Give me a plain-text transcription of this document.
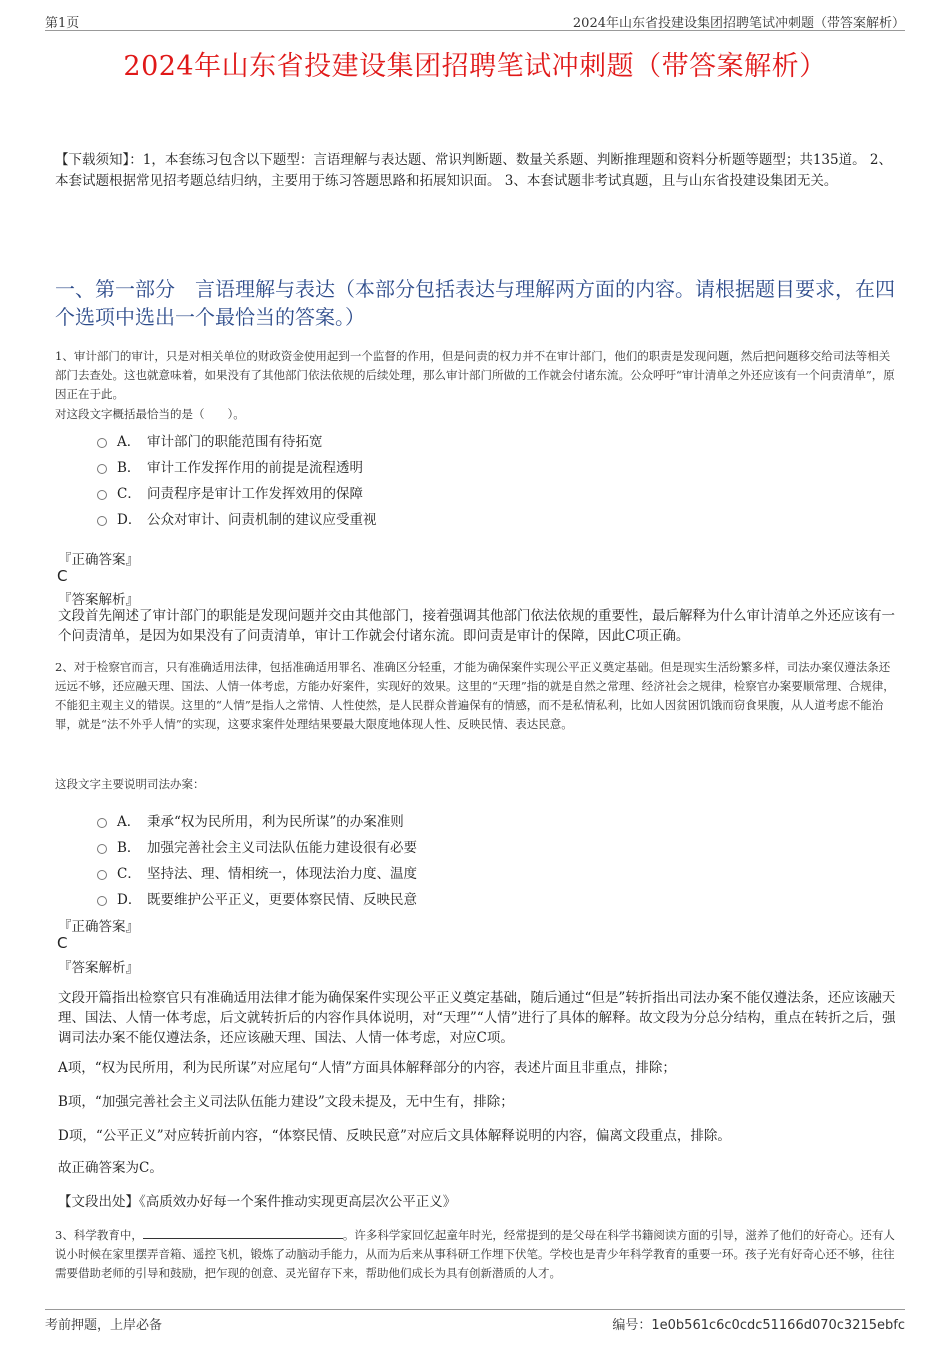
第1页	2024年山东省投建设集团招聘笔试冲刺题（带答案解析）
2024年山东省投建设集团招聘笔试冲刺题（带答案解析）
【下载须知】：1，本套练习包含以下题型：言语理解与表达题、常识判断题、数量关系题、判断推理题和资料分析题等题型；共135道。 2、本套试题根据常见招考题总结归纳，主要用于练习答题思路和拓展知识面。 3、本套试题非考试真题，且与山东省投建设集团无关。
一、第一部分　言语理解与表达（本部分包括表达与理解两方面的内容。请根据题目要求，在四个选项中选出一个最恰当的答案。）
1、审计部门的审计，只是对相关单位的财政资金使用起到一个监督的作用，但是问责的权力并不在审计部门，他们的职责是发现问题，然后把问题移交给司法等相关部门去查处。这也就意味着，如果没有了其他部门依法依规的后续处理，那么审计部门所做的工作就会付诸东流。公众呼吁“审计清单之外还应该有一个问责清单”，原因正在于此。
对这段文字概括最恰当的是（　　）。
A． 审计部门的职能范围有待拓宽
B． 审计工作发挥作用的前提是流程透明
C． 问责程序是审计工作发挥效用的保障
D． 公众对审计、问责机制的建议应受重视
『正确答案』
C
『答案解析』
文段首先阐述了审计部门的职能是发现问题并交由其他部门，接着强调其他部门依法依规的重要性，最后解释为什么审计清单之外还应该有一个问责清单，是因为如果没有了问责清单，审计工作就会付诸东流。即问责是审计的保障，因此C项正确。
2、对于检察官而言，只有准确适用法律，包括准确适用罪名、准确区分轻重，才能为确保案件实现公平正义奠定基础。但是现实生活纷繁多样，司法办案仅遵法条还远远不够，还应融天理、国法、人情一体考虑，方能办好案件，实现好的效果。这里的“天理”指的就是自然之常理、经济社会之规律，检察官办案要顺常理、合规律，不能犯主观主义的错误。这里的“人情”是指人之常情、人性使然，是人民群众普遍保有的情感，而不是私情私利，比如人因贫困饥饿而窃食果腹，从人道考虑不能治罪，就是“法不外乎人情”的实现，这要求案件处理结果要最大限度地体现人性、反映民情、表达民意。
这段文字主要说明司法办案：
A． 秉承“权为民所用，利为民所谋”的办案准则
B． 加强完善社会主义司法队伍能力建设很有必要
C． 坚持法、理、情相统一，体现法治力度、温度
D． 既要维护公平正义，更要体察民情、反映民意
『正确答案』
C
『答案解析』
文段开篇指出检察官只有准确适用法律才能为确保案件实现公平正义奠定基础，随后通过“但是”转折指出司法办案不能仅遵法条，还应该融天理、国法、人情一体考虑，后文就转折后的内容作具体说明，对“天理”“人情”进行了具体的解释。故文段为分总分结构，重点在转折之后，强调司法办案不能仅遵法条，还应该融天理、国法、人情一体考虑，对应C项。
A项，“权为民所用，利为民所谋”对应尾句“人情”方面具体解释部分的内容，表述片面且非重点，排除；
B项，“加强完善社会主义司法队伍能力建设”文段未提及，无中生有，排除；
D项，“公平正义”对应转折前内容，“体察民情、反映民意”对应后文具体解释说明的内容，偏离文段重点，排除。
故正确答案为C。
【文段出处】《高质效办好每一个案件推动实现更高层次公平正义》
3、科学教育中，	。许多科学家回忆起童年时光，经常提到的是父母在科学书籍阅读方面的引导，滋养了他们的好奇心。还有人说小时候在家里摆弄音箱、遥控飞机，锻炼了动脑动手能力，从而为后来从事科研工作埋下伏笔。学校也是青少年科学教育的重要一环。孩子光有好奇心还不够，往往需要借助老师的引导和鼓励，把乍现的创意、灵光留存下来，帮助他们成长为具有创新潜质的人才。
考前押题，上岸必备	编号：1e0b561c6c0cdc51166d070c3215ebfc
